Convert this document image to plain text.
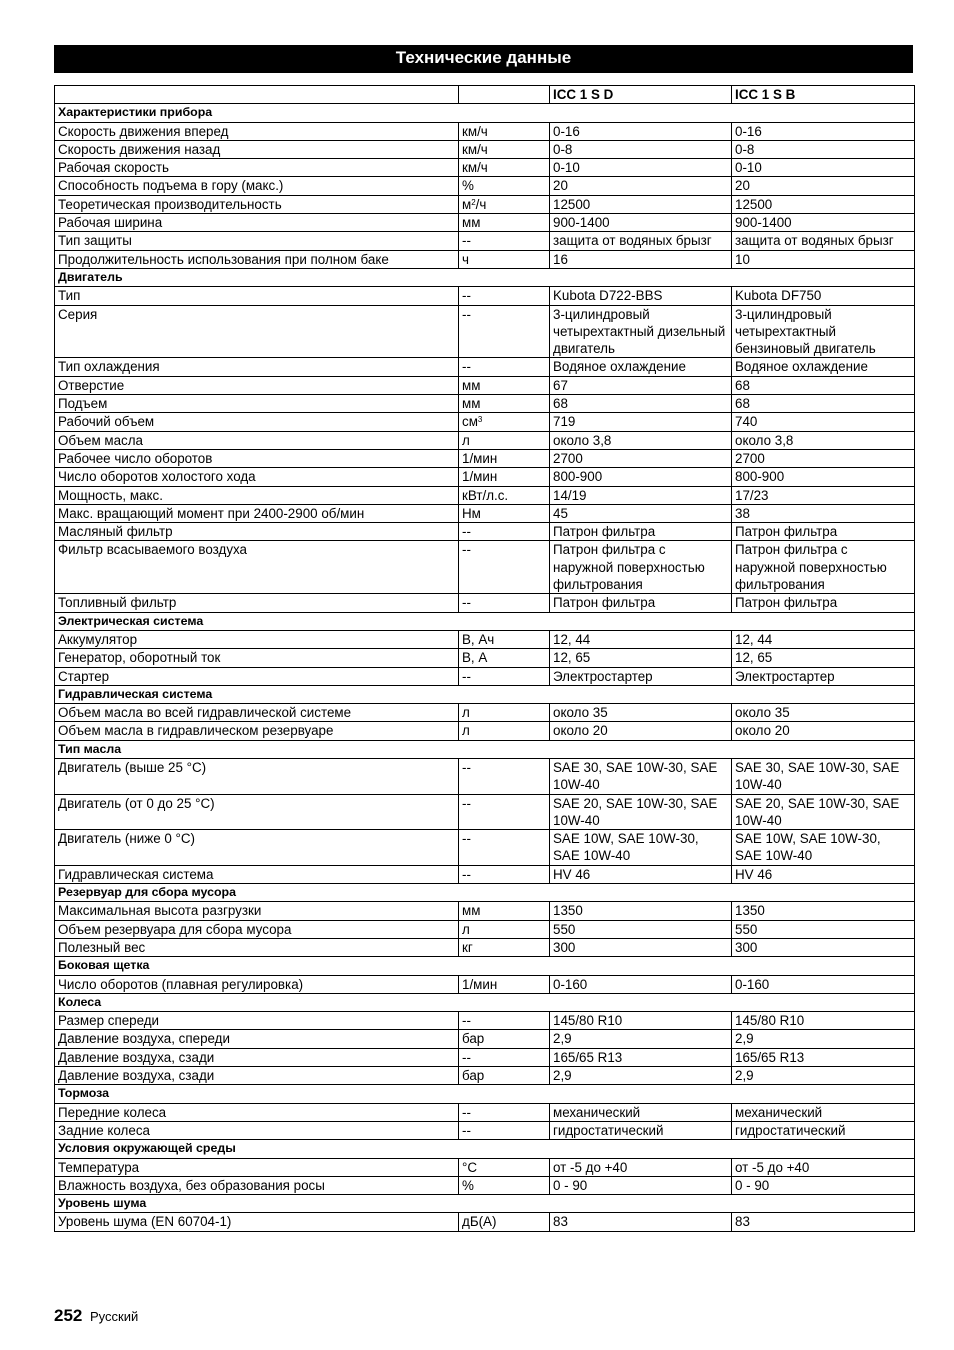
Технические данные
		ICC 1 S D	ICC 1 S B
Характеристики прибора			
Скорость движения вперед	км/ч	0-16	0-16
Скорость движения назад	км/ч	0-8	0-8
Рабочая скорость	км/ч	0-10	0-10
Способность подъема в гору (макс.)	%	20	20
Теоретическая производительность	$м^2/ч$	12500	12500
Рабочая ширина	мм	900-1400	900-1400
Тип защиты	--	защита от водяных брызг	защита от водяных брызг
Продолжительность использования при полном баке	ч	16	10
Двигатель			
Тип	--	Kubota D722-BBS	Kubota DF750
Серия	--	3-цилиндровый четырехтактный дизельный двигатель	3-цилиндровый четырехтактный бензиновый двигатель
Тип охлаждения	--	Водяное охлаждение	Водяное охлаждение
Отверстие	мм	67	68
Подъем	мм	68	68
Рабочий объем	$см^3$	719	740
Объем масла	л	около 3,8	около 3,8
Рабочее число оборотов	1/мин	2700	2700
Число оборотов холостого хода	1/мин	800-900	800-900
Мощность, макс.	кВт/л.с.	14/19	17/23
Макс. вращающий момент при 2400-2900 об/мин	Нм	45	38
Масляный фильтр	--	Патрон фильтра	Патрон фильтра
Фильтр всасываемого воздуха	--	Патрон фильтра с наружной поверхностью фильтрования	Патрон фильтра с наружной поверхностью фильтрования
Топливный фильтр	--	Патрон фильтра	Патрон фильтра
Электрическая система			
Аккумулятор	В, Ач	12, 44	12, 44
Генератор, оборотный ток	В, А	12, 65	12, 65
Стартер	--	Электростартер	Электростартер
Гидравлическая система			
Объем масла во всей гидравлической системе	л	около 35	около 35
Объем масла в гидравлическом резервуаре	л	около 20	около 20
Тип масла			
Двигатель (выше 25 °C)	--	SAE 30, SAE 10W-30, SAE 10W-40	SAE 30, SAE 10W-30, SAE 10W-40
Двигатель (от 0 до 25 °C)	--	SAE 20, SAE 10W-30, SAE 10W-40	SAE 20, SAE 10W-30, SAE 10W-40
Двигатель (ниже 0 °C)	--	SAE 10W, SAE 10W-30, SAE 10W-40	SAE 10W, SAE 10W-30, SAE 10W-40
Гидравлическая система	--	HV 46	HV 46
Резервуар для сбора мусора			
Максимальная высота разгрузки	мм	1350	1350
Объем резервуара для сбора мусора	л	550	550
Полезный вес	кг	300	300
Боковая щетка			
Число оборотов (плавная регулировка)	1/мин	0-160	0-160
Колеса			
Размер спереди	--	145/80 R10	145/80 R10
Давление воздуха, спереди	бар	2,9	2,9
Давление воздуха, сзади	--	165/65 R13	165/65 R13
Давление воздуха, сзади	бар	2,9	2,9
Тормоза			
Передние колеса	--	механический	механический
Задние колеса	--	гидростатический	гидростатический
Условия окружающей среды			
Температура	°C	от -5 до +40	от -5 до +40
Влажность воздуха, без образования росы	%	0 - 90	0 - 90
Уровень шума			
Уровень шума (EN 60704-1)	дБ(A)	83	83
252 Русский
